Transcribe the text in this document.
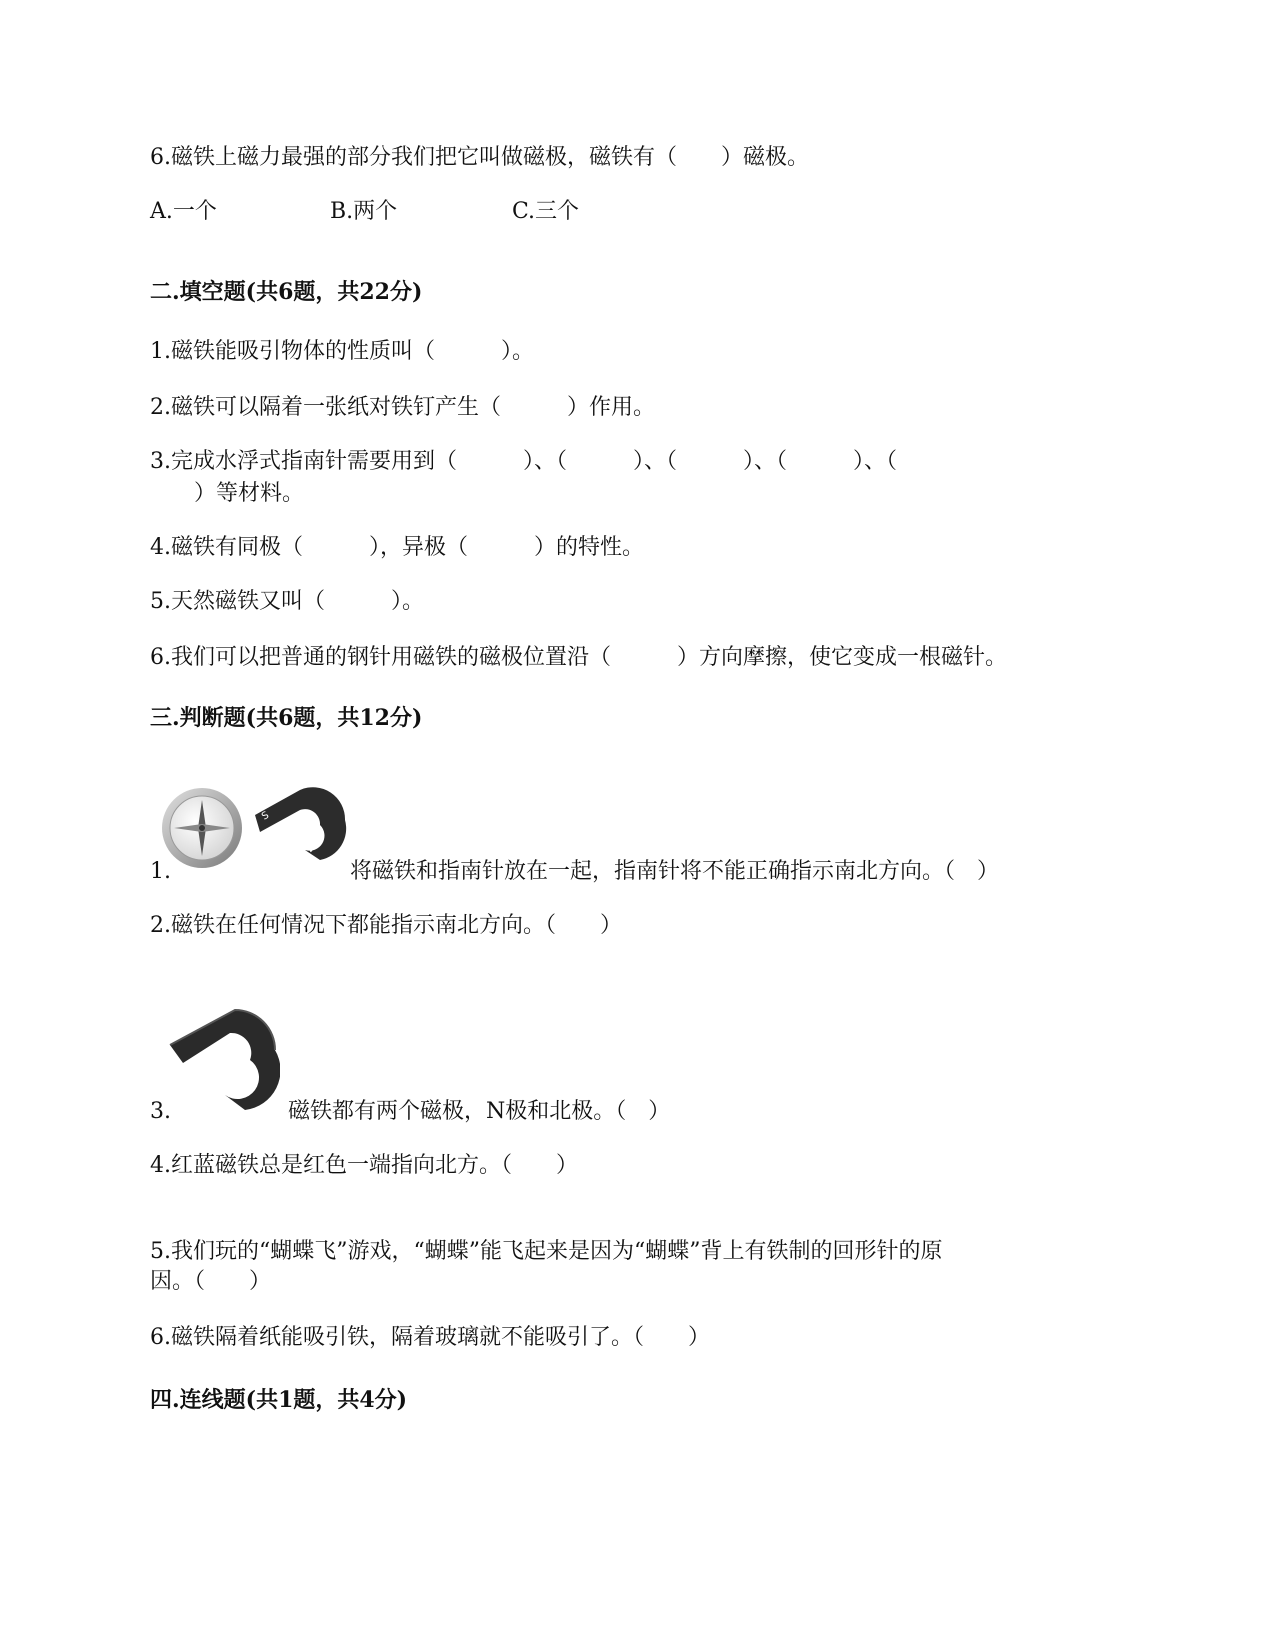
6.磁铁上磁力最强的部分我们把它叫做磁极，磁铁有（　　）磁极。
A.一个	B.两个	C.三个
二.填空题(共6题，共22分)
1.磁铁能吸引物体的性质叫（　　　）。
2.磁铁可以隔着一张纸对铁钉产生（　　　）作用。
3.完成水浮式指南针需要用到（　　　）、（　　　）、（　　　）、（　　　）、（
　　）等材料。
4.磁铁有同极（　　　），异极（　　　）的特性。
5.天然磁铁又叫（　　　）。
6.我们可以把普通的钢针用磁铁的磁极位置沿（　　　）方向摩擦，使它变成一根磁针。
三.判断题(共6题，共12分)
1.
S
N
将磁铁和指南针放在一起，指南针将不能正确指示南北方向。（　）
2.磁铁在任何情况下都能指示南北方向。（　　）
3.	磁铁都有两个磁极，N极和北极。（　）
4.红蓝磁铁总是红色一端指向北方。（　　）
5.我们玩的“蝴蝶飞”游戏，“蝴蝶”能飞起来是因为“蝴蝶”背上有铁制的回形针的原
因。（　　）
6.磁铁隔着纸能吸引铁，隔着玻璃就不能吸引了。（　　）
四.连线题(共1题，共4分)
